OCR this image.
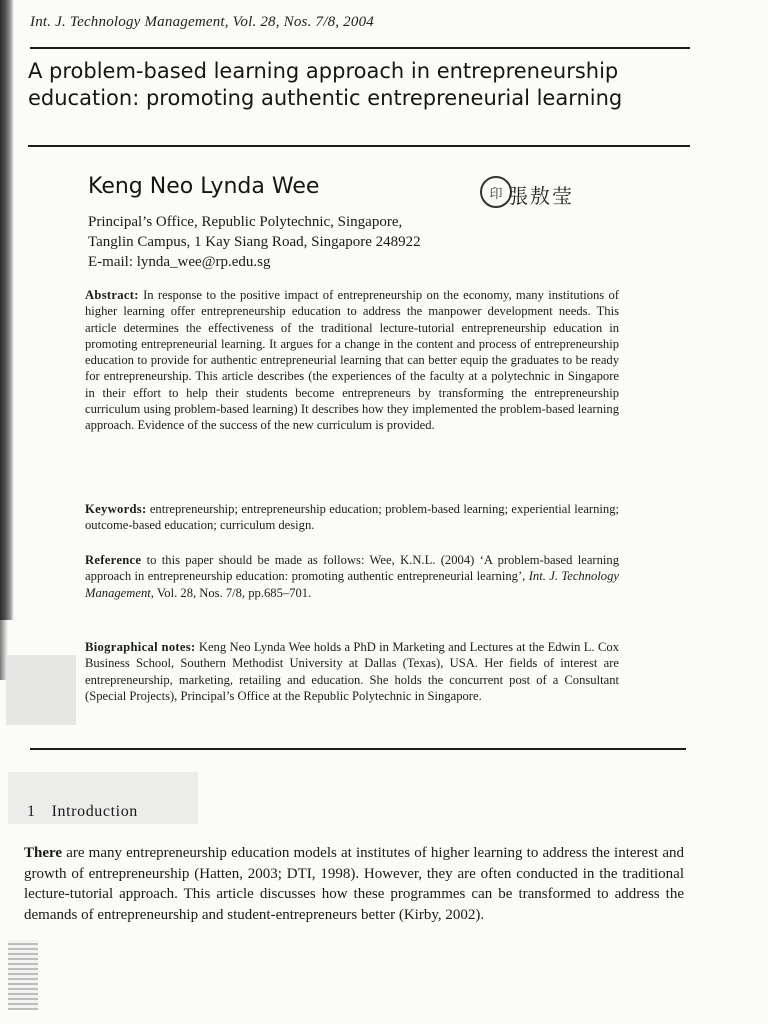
Int. J. Technology Management, Vol. 28, Nos. 7/8, 2004
A problem-based learning approach in entrepreneurship education: promoting authentic entrepreneurial learning
Keng Neo Lynda Wee	印 張敖莹
Principal’s Office, Republic Polytechnic, Singapore,
Tanglin Campus, 1 Kay Siang Road, Singapore 248922
E-mail: lynda_wee@rp.edu.sg
Abstract: In response to the positive impact of entrepreneurship on the economy, many institutions of higher learning offer entrepreneurship education to address the manpower development needs. This article determines the effectiveness of the traditional lecture-tutorial entrepreneurship education in promoting entrepreneurial learning. It argues for a change in the content and process of entrepreneurship education to provide for authentic entrepreneurial learning that can better equip the graduates to be ready for entrepreneurship. This article describes (the experiences of the faculty at a polytechnic in Singapore in their effort to help their students become entrepreneurs by transforming the entrepreneurship curriculum using problem-based learning) It describes how they implemented the problem-based learning approach. Evidence of the success of the new curriculum is provided.
Keywords: entrepreneurship; entrepreneurship education; problem-based learning; experiential learning; outcome-based education; curriculum design.
Reference to this paper should be made as follows: Wee, K.N.L. (2004) ‘A problem-based learning approach in entrepreneurship education: promoting authentic entrepreneurial learning’, Int. J. Technology Management, Vol. 28, Nos. 7/8, pp.685–701.
Biographical notes: Keng Neo Lynda Wee holds a PhD in Marketing and Lectures at the Edwin L. Cox Business School, Southern Methodist University at Dallas (Texas), USA. Her fields of interest are entrepreneurship, marketing, retailing and education. She holds the concurrent post of a Consultant (Special Projects), Principal’s Office at the Republic Polytechnic in Singapore.
1 Introduction
There are many entrepreneurship education models at institutes of higher learning to address the interest and growth of entrepreneurship (Hatten, 2003; DTI, 1998). However, they are often conducted in the traditional lecture-tutorial approach. This article discusses how these programmes can be transformed to address the demands of entrepreneurship and student-entrepreneurs better (Kirby, 2002).
